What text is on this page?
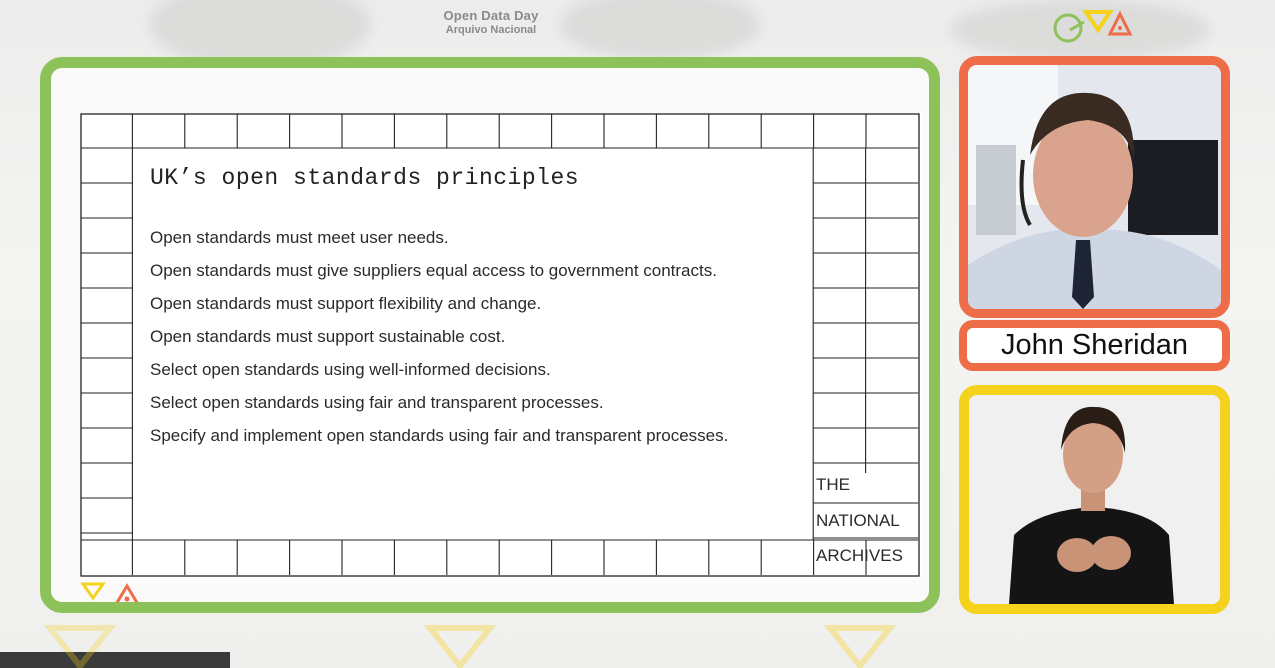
Open Data Day
Arquivo Nacional
UK’s open standards principles
Open standards must meet user needs.
Open standards must give suppliers equal access to government contracts.
Open standards must support flexibility and change.
Open standards must support sustainable cost.
Select open standards using well-informed decisions.
Select open standards using fair and transparent processes.
Specify and implement open standards using fair and transparent processes.
THE
NATIONAL
ARCHIVES
John Sheridan
